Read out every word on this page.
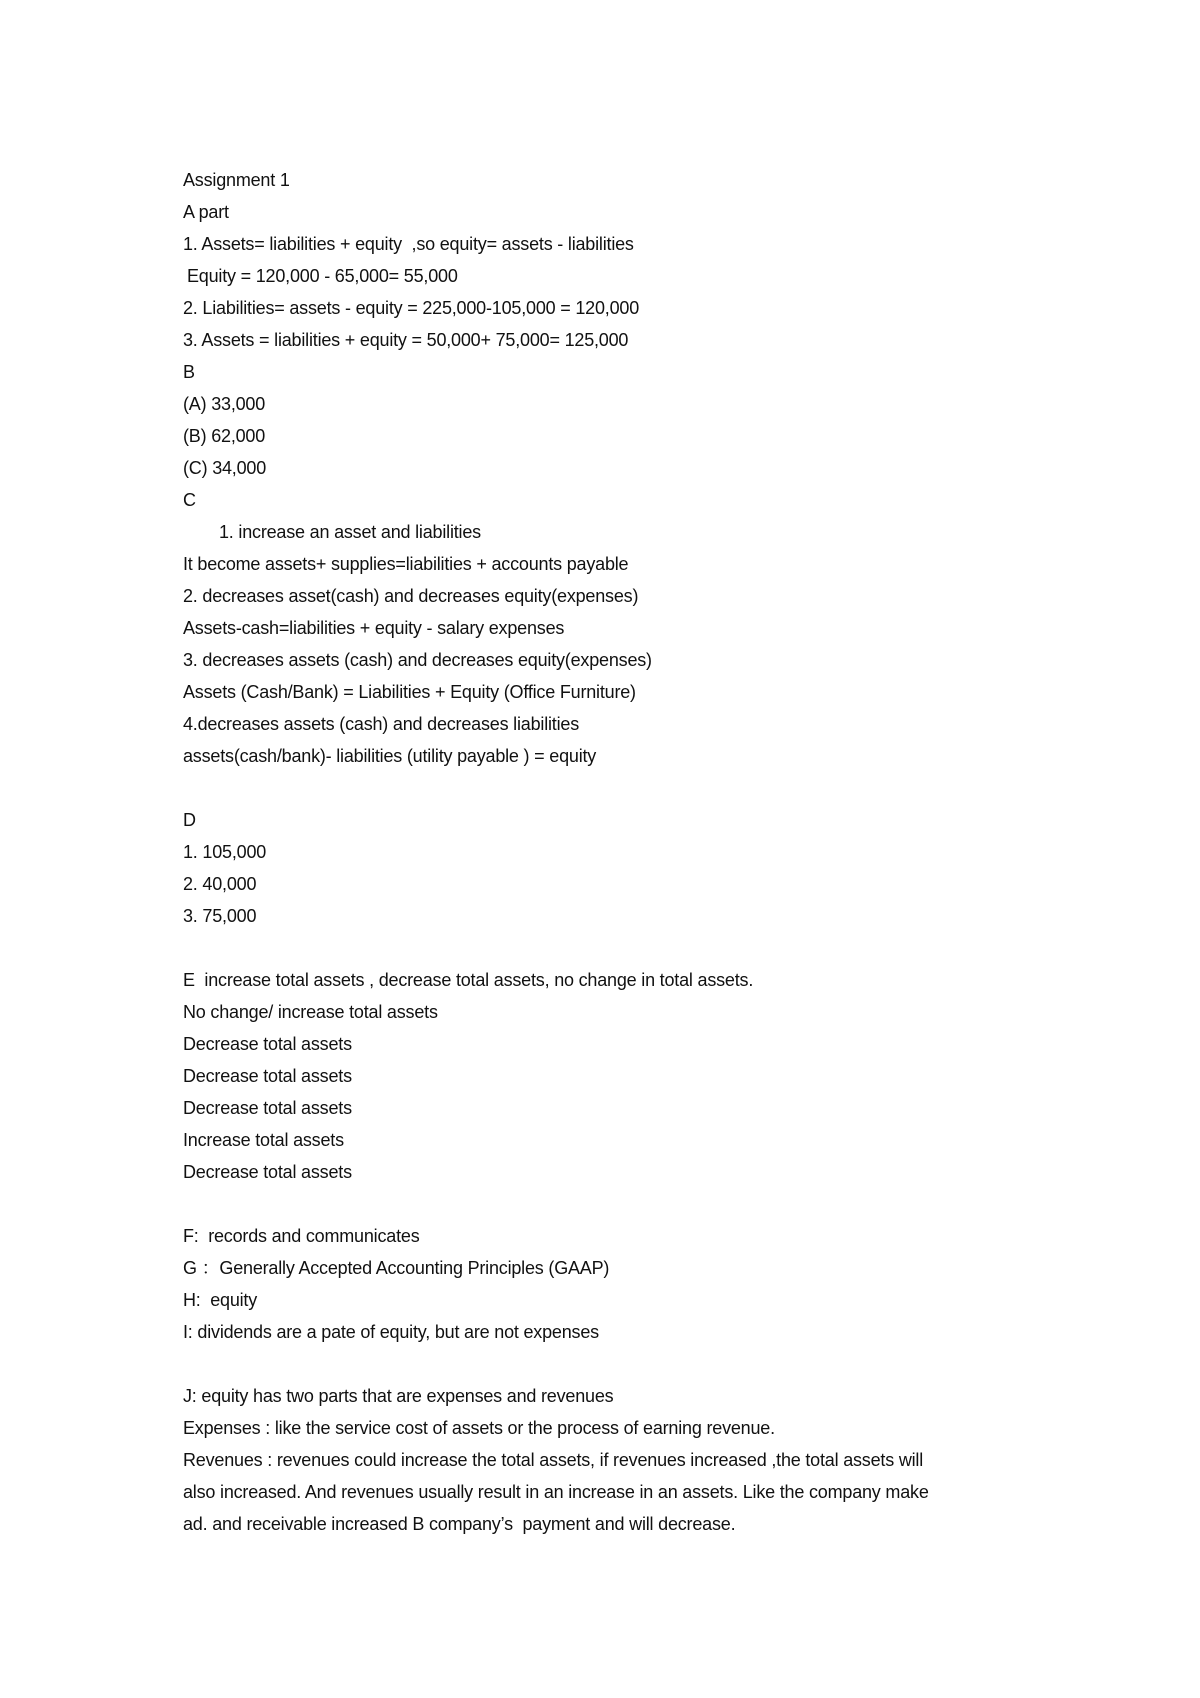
Assignment 1
A part
1. Assets= liabilities + equity  ,so equity= assets - liabilities
Equity = 120,000 - 65,000= 55,000
2. Liabilities= assets - equity = 225,000-105,000 = 120,000
3. Assets = liabilities + equity = 50,000+ 75,000= 125,000
B
(A) 33,000
(B) 62,000
(C) 34,000
C
1. increase an asset and liabilities
It become assets+ supplies=liabilities + accounts payable
2. decreases asset(cash) and decreases equity(expenses)
Assets-cash=liabilities + equity - salary expenses
3. decreases assets (cash) and decreases equity(expenses)
Assets (Cash/Bank) = Liabilities + Equity (Office Furniture)
4.decreases assets (cash) and decreases liabilities
assets(cash/bank)- liabilities (utility payable ) = equity
D
1. 105,000
2. 40,000
3. 75,000
E  increase total assets , decrease total assets, no change in total assets.
No change/ increase total assets
Decrease total assets
Decrease total assets
Decrease total assets
Increase total assets
Decrease total assets
F:  records and communicates
G ：Generally Accepted Accounting Principles (GAAP)
H:  equity
I: dividends are a pate of equity, but are not expenses
J: equity has two parts that are expenses and revenues
Expenses : like the service cost of assets or the process of earning revenue.
Revenues : revenues could increase the total assets, if revenues increased ,the total assets will
also increased. And revenues usually result in an increase in an assets. Like the company make
ad. and receivable increased B company’s  payment and will decrease.
